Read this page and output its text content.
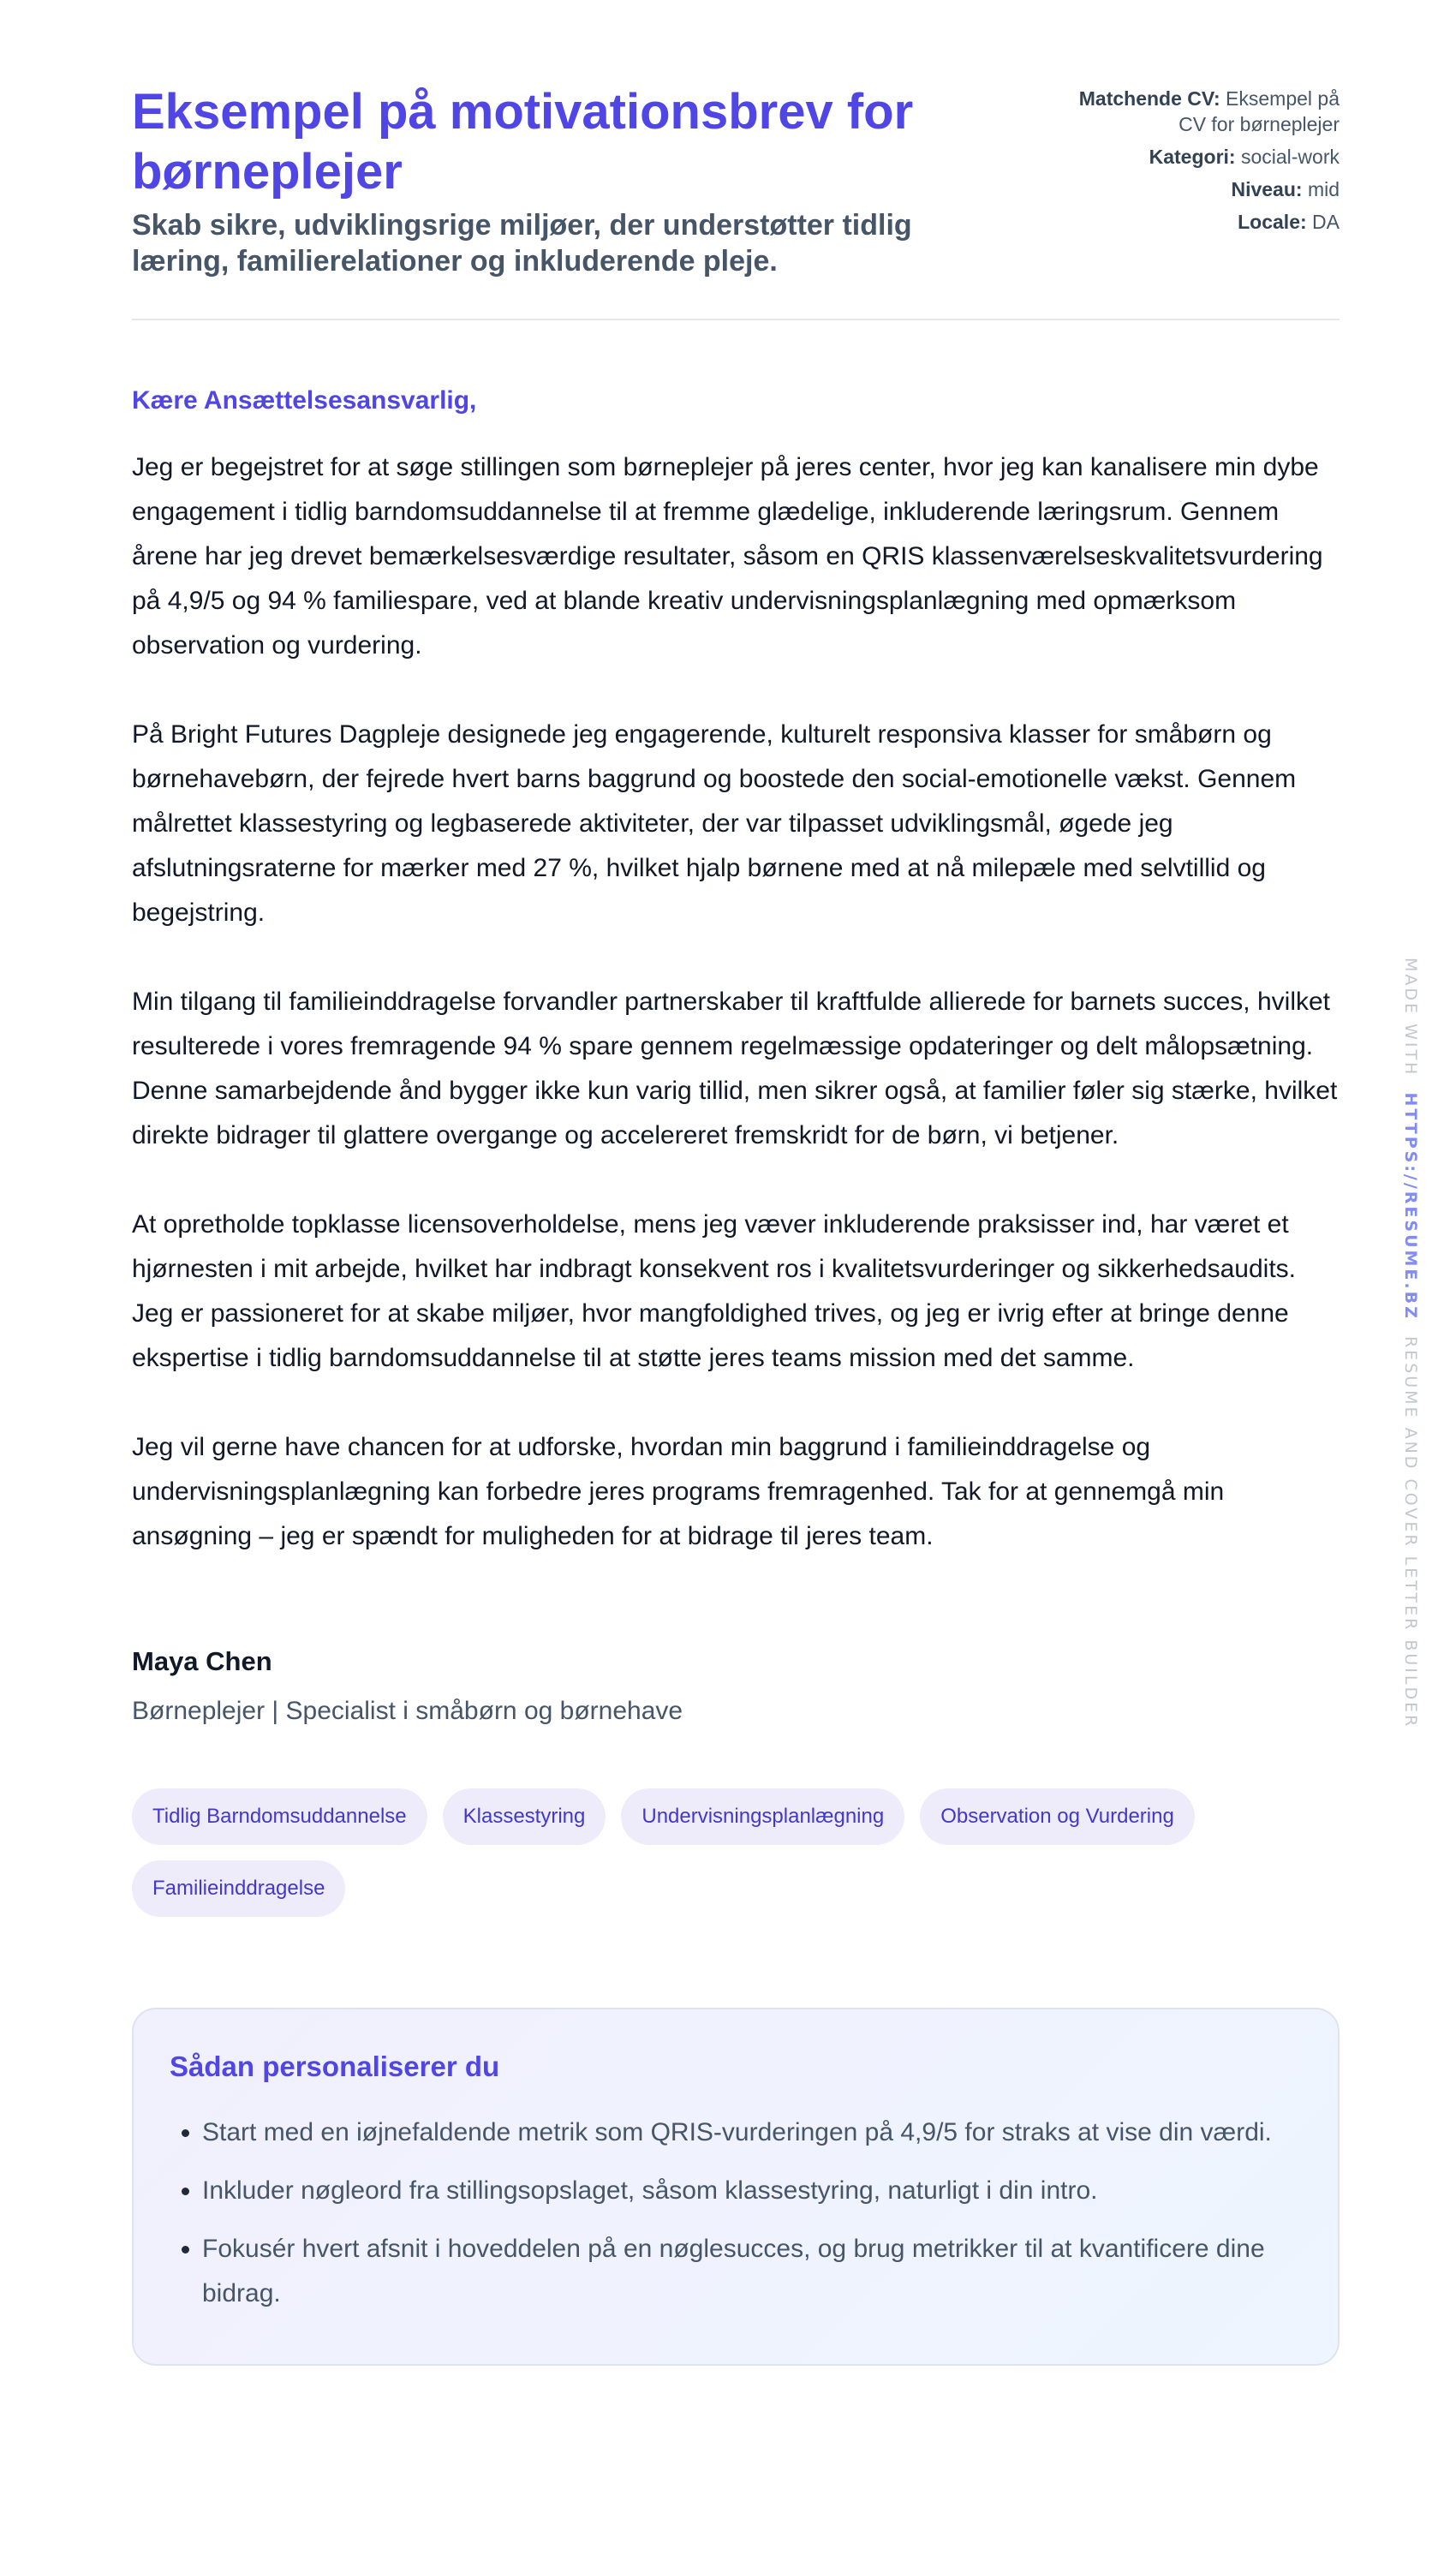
Eksempel på motivationsbrev for børneplejer

Skab sikre, udviklingsrige miljøer, der understøtter tidlig læring, familierelationer og inkluderende pleje.

Matchende CV: Eksempel på CV for børneplejer
Kategori: social-work
Niveau: mid
Locale: DA

Kære Ansættelsesansvarlig,

Jeg er begejstret for at søge stillingen som børneplejer på jeres center, hvor jeg kan kanalisere min dybe engagement i tidlig barndomsuddannelse til at fremme glædelige, inkluderende læringsrum. Gennem årene har jeg drevet bemærkelsesværdige resultater, såsom en QRIS klassenværelseskvalitetsvurdering på 4,9/5 og 94 % familiespare, ved at blande kreativ undervisningsplanlægning med opmærksom observation og vurdering.

På Bright Futures Dagpleje designede jeg engagerende, kulturelt responsiva klasser for småbørn og børnehavebørn, der fejrede hvert barns baggrund og boostede den social-emotionelle vækst. Gennem målrettet klassestyring og legbaserede aktiviteter, der var tilpasset udviklingsmål, øgede jeg afslutningsraterne for mærker med 27 %, hvilket hjalp børnene med at nå milepæle med selvtillid og begejstring.

Min tilgang til familieinddragelse forvandler partnerskaber til kraftfulde allierede for barnets succes, hvilket resulterede i vores fremragende 94 % spare gennem regelmæssige opdateringer og delt målopsætning. Denne samarbejdende ånd bygger ikke kun varig tillid, men sikrer også, at familier føler sig stærke, hvilket direkte bidrager til glattere overgange og accelereret fremskridt for de børn, vi betjener.

At opretholde topklasse licensoverholdelse, mens jeg væver inkluderende praksisser ind, har været et hjørnesten i mit arbejde, hvilket har indbragt konsekvent ros i kvalitetsvurderinger og sikkerhedsaudits. Jeg er passioneret for at skabe miljøer, hvor mangfoldighed trives, og jeg er ivrig efter at bringe denne ekspertise i tidlig barndomsuddannelse til at støtte jeres teams mission med det samme.

Jeg vil gerne have chancen for at udforske, hvordan min baggrund i familieinddragelse og undervisningsplanlægning kan forbedre jeres programs fremragenhed. Tak for at gennemgå min ansøgning – jeg er spændt for muligheden for at bidrage til jeres team.

Maya Chen
Børneplejer | Specialist i småbørn og børnehave
Tidlig Barndomsuddannelse	Klassestyring	Undervisningsplanlægning	Observation og Vurdering
Familieinddragelse
Sådan personaliserer du
• Start med en iøjnefaldende metrik som QRIS-vurderingen på 4,9/5 for straks at vise din værdi.
• Inkluder nøgleord fra stillingsopslaget, såsom klassestyring, naturligt i din intro.
• Fokusér hvert afsnit i hoveddelen på en nøglesucces, og brug metrikker til at kvantificere dine bidrag.
MADE WITH  HTTPS://RESUME.BZ  RESUME AND COVER LETTER BUILDER
